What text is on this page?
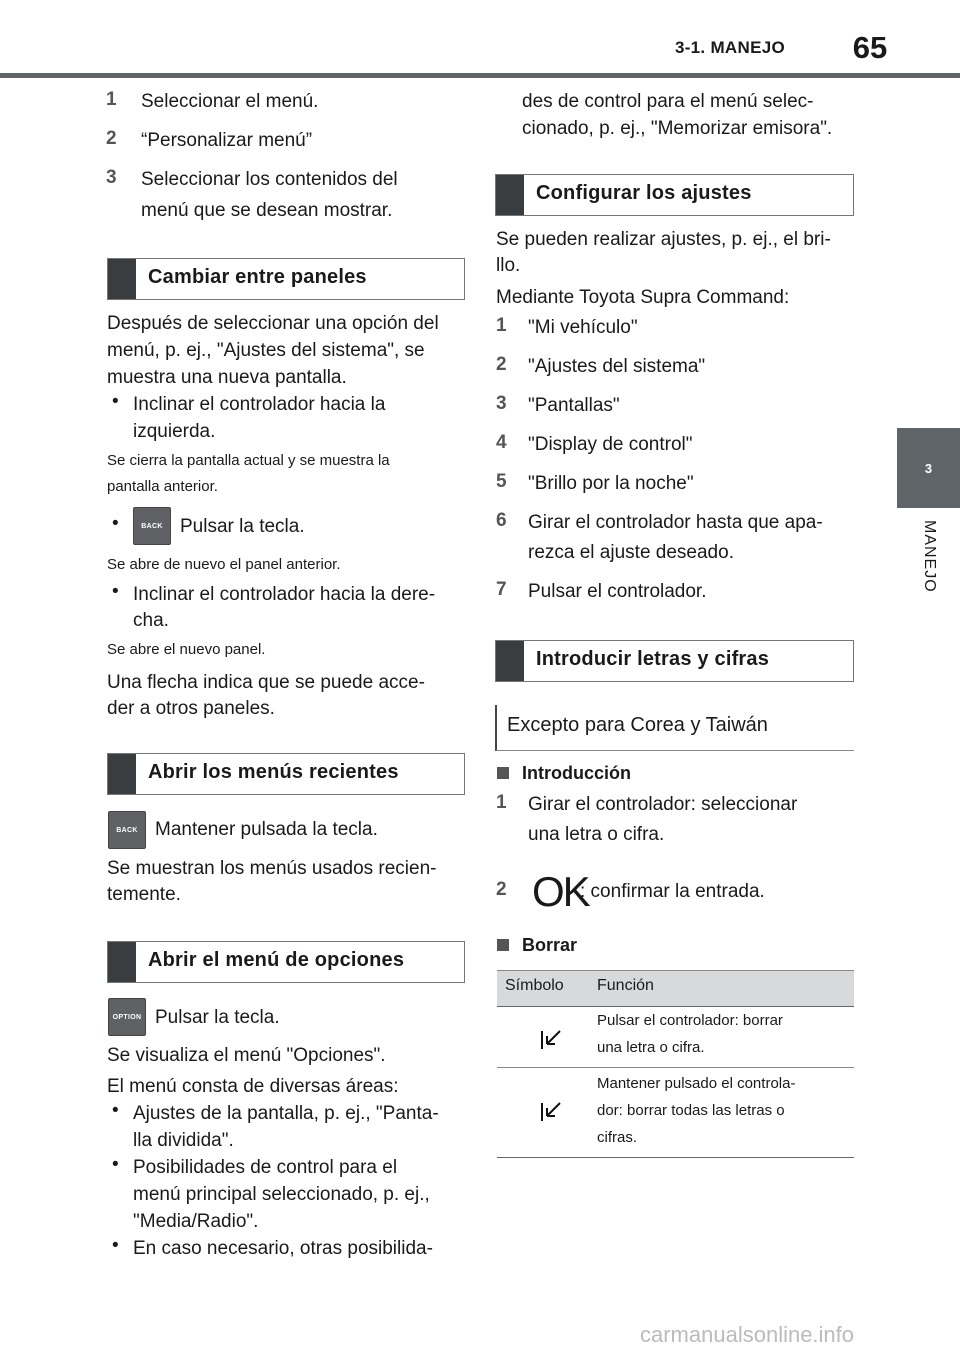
3-1. MANEJO	65
3
MANEJO
1 Seleccionar el menú.
2 “Personalizar menú”
3 Seleccionar los contenidos del
menú que se desean mostrar.
Cambiar entre paneles
Después de seleccionar una opción del
menú, p. ej., "Ajustes del sistema", se
muestra una nueva pantalla.
• Inclinar el controlador hacia la
izquierda.
Se cierra la pantalla actual y se muestra la
pantalla anterior.
•	BACK Pulsar la tecla.
Se abre de nuevo el panel anterior.
• Inclinar el controlador hacia la dere-
cha.
Se abre el nuevo panel.
Una flecha indica que se puede acce-
der a otros paneles.
Abrir los menús recientes
BACK Mantener pulsada la tecla.
Se muestran los menús usados recien-
temente.
Abrir el menú de opciones
OPTION Pulsar la tecla.
Se visualiza el menú "Opciones".
El menú consta de diversas áreas:
• Ajustes de la pantalla, p. ej., "Panta-
lla dividida".
• Posibilidades de control para el
menú principal seleccionado, p. ej.,
"Media/Radio".
• En caso necesario, otras posibilida-
des de control para el menú selec-
cionado, p. ej., "Memorizar emisora".
Configurar los ajustes
Se pueden realizar ajustes, p. ej., el bri-
llo.
Mediante Toyota Supra Command:
1 "Mi vehículo"
2 "Ajustes del sistema"
3 "Pantallas"
4 "Display de control"
5 "Brillo por la noche"
6 Girar el controlador hasta que apa-
rezca el ajuste deseado.
7 Pulsar el controlador.
Introducir letras y cifras
Excepto para Corea y Taiwán
Introducción
1 Girar el controlador: seleccionar
una letra o cifra.
2 OK
: confirmar la entrada.
Borrar
Símbolo Función
Pulsar el controlador: borrar
una letra o cifra.
Mantener pulsado el controla-
dor: borrar todas las letras o
cifras.
carmanualsonline.info
